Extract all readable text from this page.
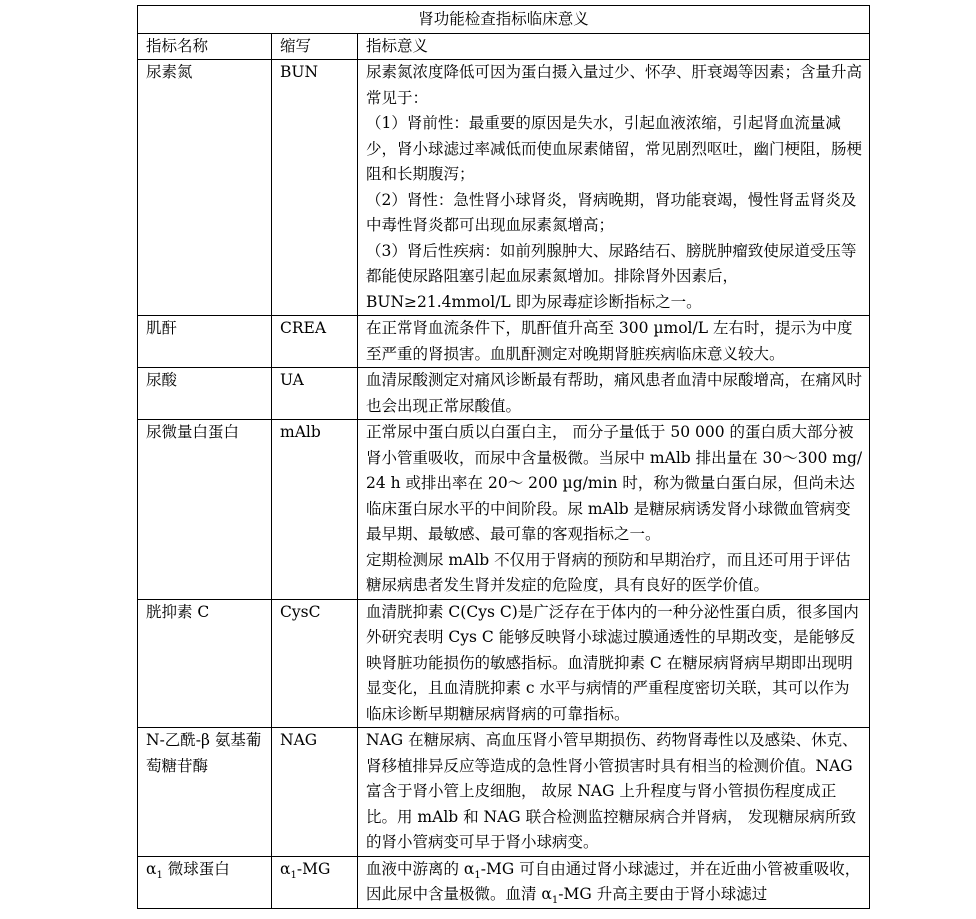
肾功能检查指标临床意义		
指标名称	缩写	指标意义
尿素氮	BUN	尿素氮浓度降低可因为蛋白摄入量过少、怀孕、肝衰竭等因素；含量升高常见于：
（1）肾前性：最重要的原因是失水，引起血液浓缩，引起肾血流量减少，肾小球滤过率减低而使血尿素储留，常见剧烈呕吐，幽门梗阻，肠梗阻和长期腹泻；
（2）肾性：急性肾小球肾炎，肾病晚期，肾功能衰竭，慢性肾盂肾炎及中毒性肾炎都可出现血尿素氮增高；
（3）肾后性疾病：如前列腺肿大、尿路结石、膀胱肿瘤致使尿道受压等都能使尿路阻塞引起血尿素氮增加。排除肾外因素后，BUN≥21.4mmol/L 即为尿毒症诊断指标之一。

肌酐	CREA	在正常肾血流条件下，肌酐值升高至 300 µmol/L 左右时，提示为中度至严重的肾损害。血肌酐测定对晚期肾脏疾病临床意义较大。

尿酸	UA	血清尿酸测定对痛风诊断最有帮助，痛风患者血清中尿酸增高，在痛风时也会出现正常尿酸值。

尿微量白蛋白	mAlb	正常尿中蛋白质以白蛋白主， 而分子量低于 50 000 的蛋白质大部分被肾小管重吸收，而尿中含量极微。当尿中 mAlb 排出量在 30～300 mg/ 24 h 或排出率在 20～ 200 µg/min 时，称为微量白蛋白尿，但尚未达临床蛋白尿水平的中间阶段。尿 mAlb 是糖尿病诱发肾小球微血管病变最早期、最敏感、最可靠的客观指标之一。
定期检测尿 mAlb 不仅用于肾病的预防和早期治疗，而且还可用于评估糖尿病患者发生肾并发症的危险度，具有良好的医学价值。

胱抑素 C	CysC	血清胱抑素 C(Cys C)是广泛存在于体内的一种分泌性蛋白质，很多国内外研究表明 Cys C 能够反映肾小球滤过膜通透性的早期改变，是能够反映肾脏功能损伤的敏感指标。血清胱抑素 C 在糖尿病肾病早期即出现明显变化，且血清胱抑素 c 水平与病情的严重程度密切关联，其可以作为临床诊断早期糖尿病肾病的可靠指标。

N-乙酰-β 氨基葡萄糖苷酶	NAG	NAG 在糖尿病、高血压肾小管早期损伤、药物肾毒性以及感染、休克、肾移植排异反应等造成的急性肾小管损害时具有相当的检测价值。NAG 富含于肾小管上皮细胞， 故尿 NAG 上升程度与肾小管损伤程度成正比。用 mAlb 和 NAG 联合检测监控糖尿病合并肾病， 发现糖尿病所致的肾小管病变可早于肾小球病变。

$\alpha_1$ 微球蛋白	$\alpha_1-MG$	血液中游离的 $\alpha_1-MG$ 可自由通过肾小球滤过，并在近曲小管被重吸收，因此尿中含量极微。血清 $\alpha_1-MG$ 升高主要由于肾小球滤过
